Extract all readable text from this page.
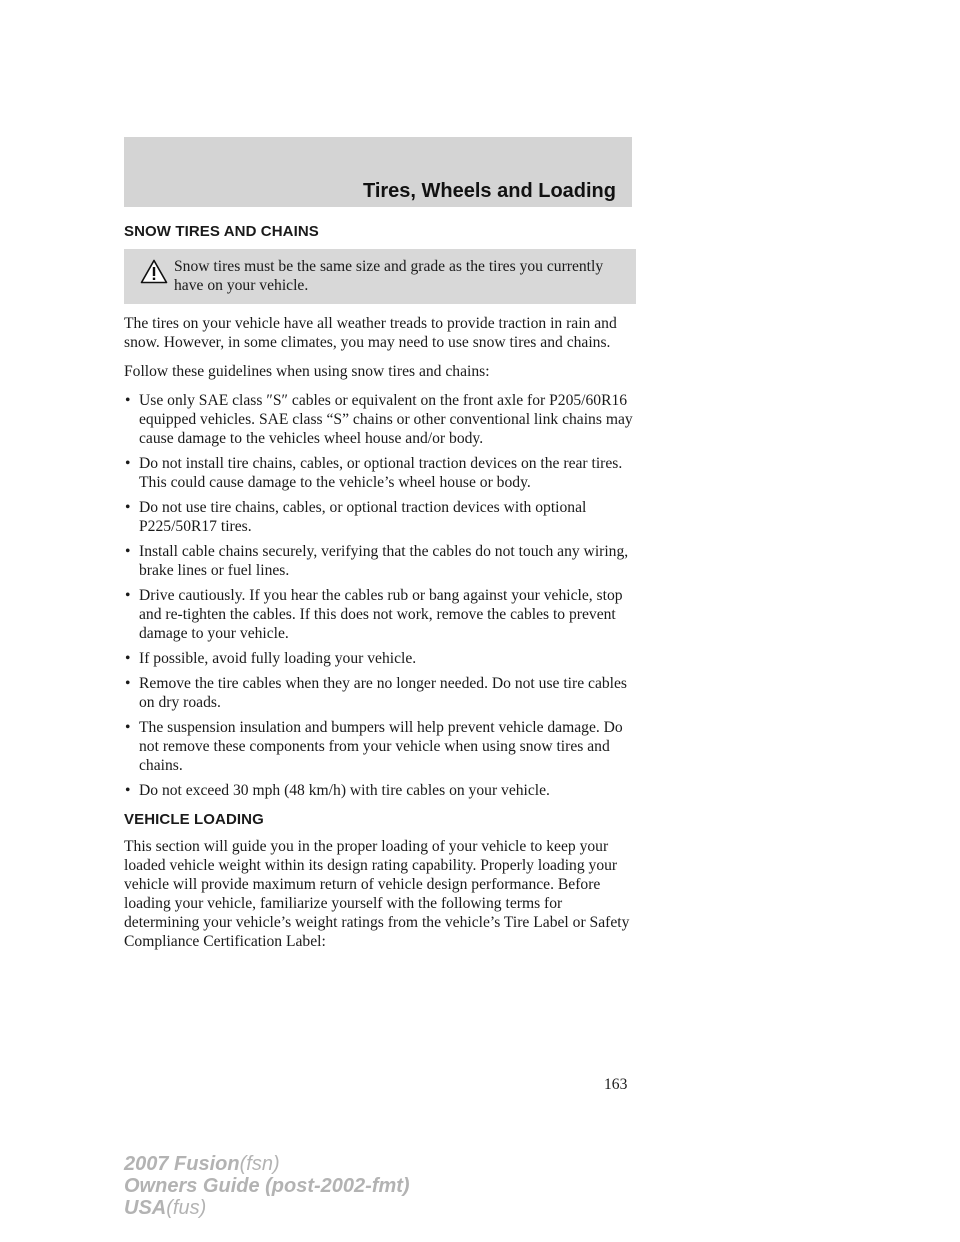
Tires, Wheels and Loading
SNOW TIRES AND CHAINS
Snow tires must be the same size and grade as the tires you currently have on your vehicle.

The tires on your vehicle have all weather treads to provide traction in rain and snow. However, in some climates, you may need to use snow tires and chains.

Follow these guidelines when using snow tires and chains:

• Use only SAE class ″S″ cables or equivalent on the front axle for P205/60R16 equipped vehicles. SAE class “S” chains or other conventional link chains may cause damage to the vehicles wheel house and/or body.
• Do not install tire chains, cables, or optional traction devices on the rear tires. This could cause damage to the vehicle’s wheel house or body.
• Do not use tire chains, cables, or optional traction devices with optional P225/50R17 tires.
• Install cable chains securely, verifying that the cables do not touch any wiring, brake lines or fuel lines.
• Drive cautiously. If you hear the cables rub or bang against your vehicle, stop and re-tighten the cables. If this does not work, remove the cables to prevent damage to your vehicle.
• If possible, avoid fully loading your vehicle.
• Remove the tire cables when they are no longer needed. Do not use tire cables on dry roads.
• The suspension insulation and bumpers will help prevent vehicle damage. Do not remove these components from your vehicle when using snow tires and chains.
• Do not exceed 30 mph (48 km/h) with tire cables on your vehicle.
VEHICLE LOADING

This section will guide you in the proper loading of your vehicle to keep your loaded vehicle weight within its design rating capability. Properly loading your vehicle will provide maximum return of vehicle design performance. Before loading your vehicle, familiarize yourself with the following terms for determining your vehicle’s weight ratings from the vehicle’s Tire Label or Safety Compliance Certification Label:

163
2007 Fusion(fsn)
Owners Guide (post-2002-fmt)
USA(fus)
